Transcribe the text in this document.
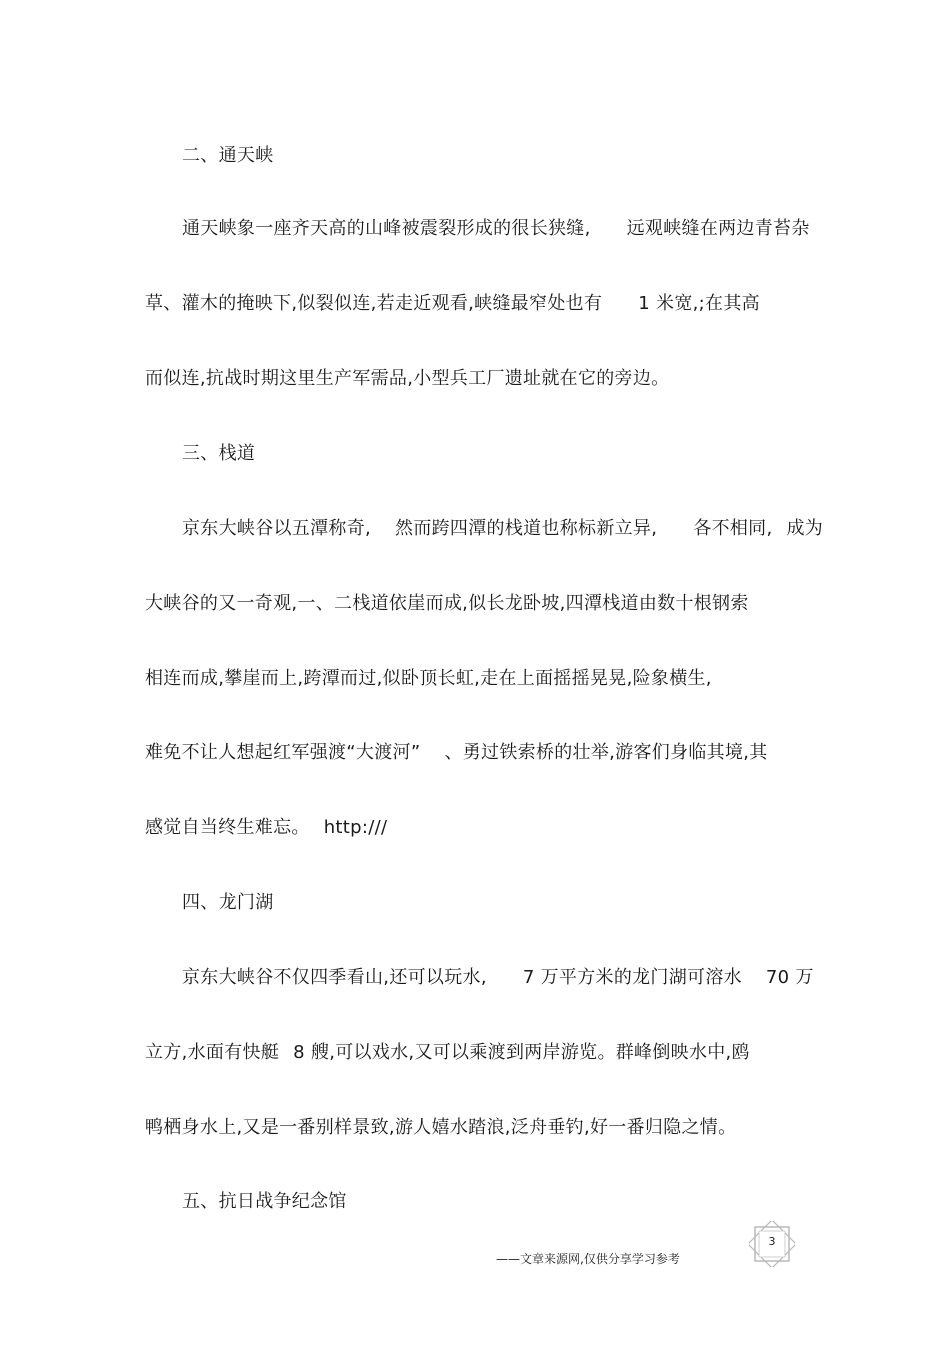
二、通天峡
通天峡象一座齐天高的山峰被震裂形成的很长狭缝, 远观峡缝在两边青苔杂
草、灌木的掩映下,似裂似连,若走近观看,峡缝最窄处也有 1 米宽,;在其高
而似连,抗战时期这里生产军需品,小型兵工厂遗址就在它的旁边。
三、栈道
京东大峡谷以五潭称奇, 然而跨四潭的栈道也称标新立异, 各不相同, 成为
大峡谷的又一奇观,一、二栈道依崖而成,似长龙卧坡,四潭栈道由数十根钢索
相连而成,攀崖而上,跨潭而过,似卧顶长虹,走在上面摇摇晃晃,险象横生,
难免不让人想起红军强渡“大渡河” 、勇过铁索桥的壮举,游客们身临其境,其
感觉自当终生难忘。 http:///
四、龙门湖
京东大峡谷不仅四季看山,还可以玩水, 7 万平方米的龙门湖可溶水 70 万
立方,水面有快艇 8 艘,可以戏水,又可以乘渡到两岸游览。群峰倒映水中,鸥
鸭栖身水上,又是一番别样景致,游人嬉水踏浪,泛舟垂钓,好一番归隐之情。
五、抗日战争纪念馆
3
——文章来源网,仅供分享学习参考
